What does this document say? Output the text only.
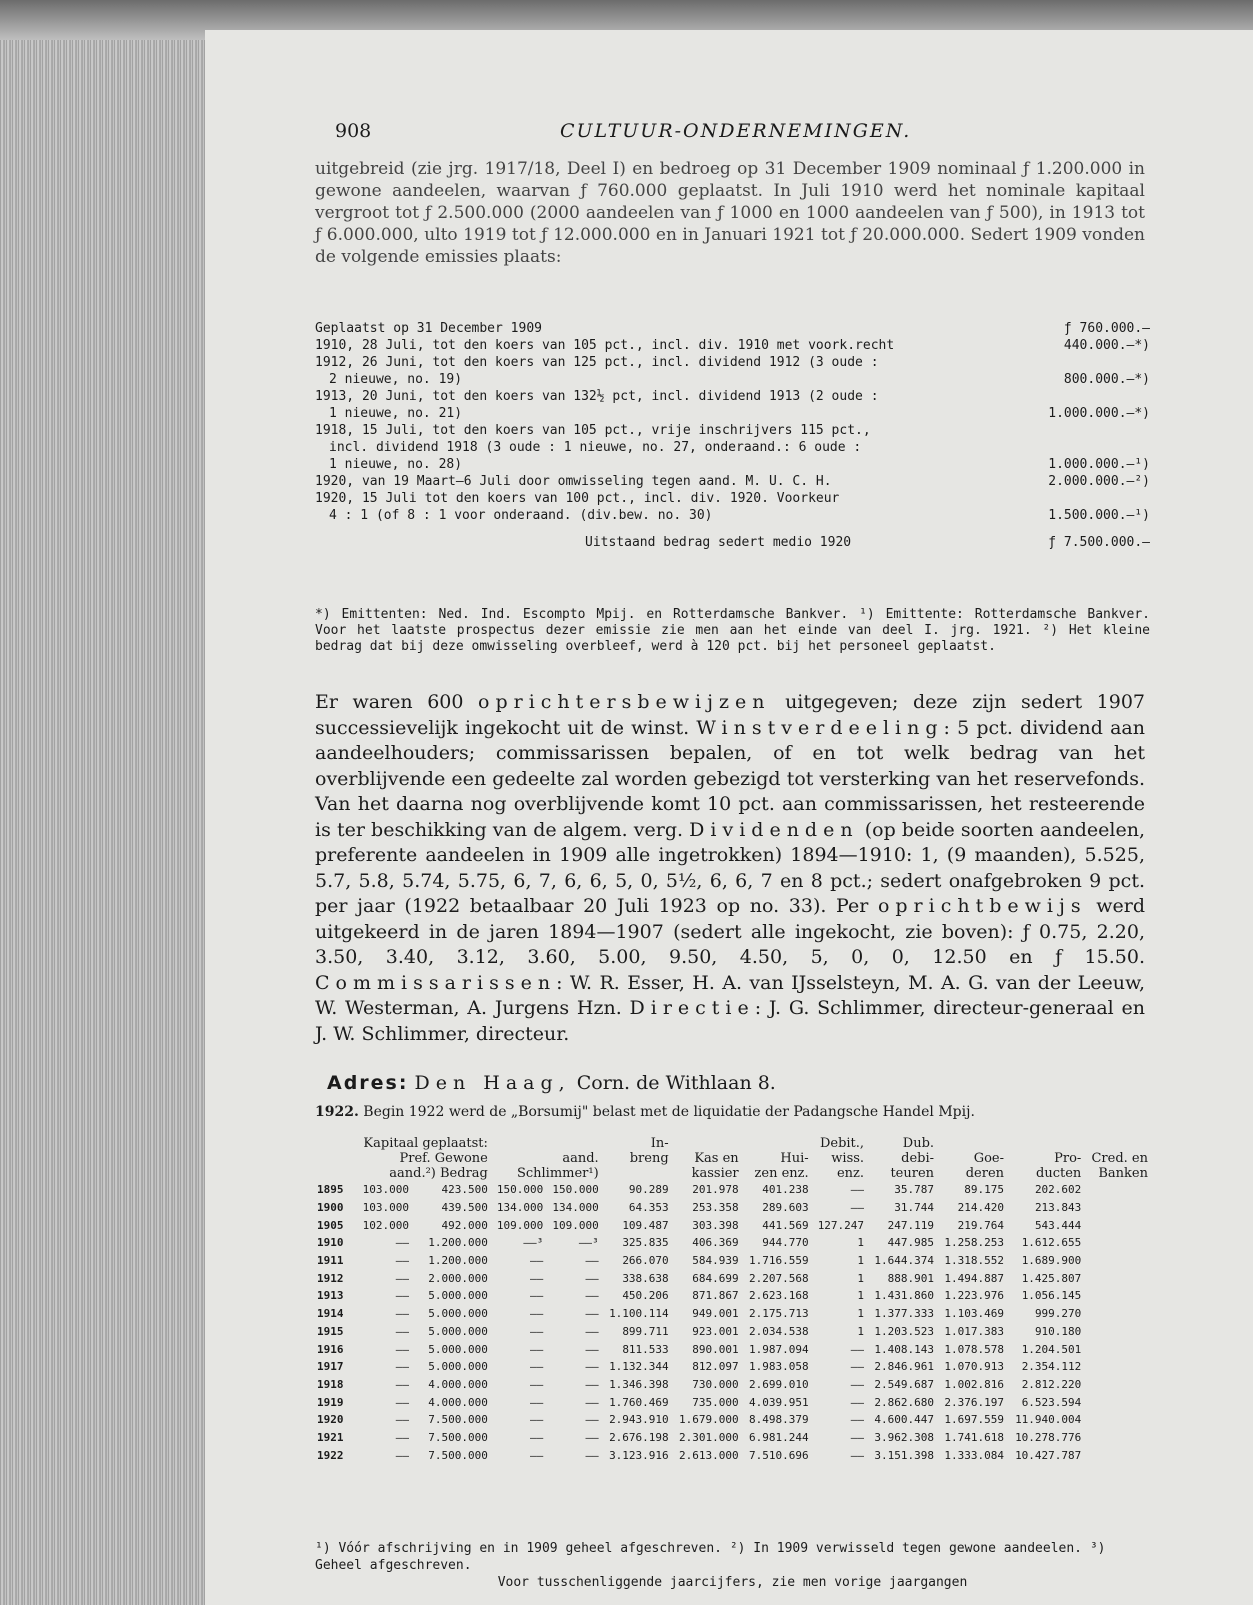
908	CULTUUR-ONDERNEMINGEN.

uitgebreid (zie jrg. 1917/18, Deel I) en bedroeg op 31 December 1909 nominaal ƒ 1.200.000 in gewone aandeelen, waarvan ƒ 760.000 geplaatst. In Juli 1910 werd het nominale kapitaal vergroot tot ƒ 2.500.000 (2000 aandeelen van ƒ 1000 en 1000 aandeelen van ƒ 500), in 1913 tot ƒ 6.000.000, ulto 1919 tot ƒ 12.000.000 en in Januari 1921 tot ƒ 20.000.000. Sedert 1909 vonden de volgende emissies plaats:

Geplaatst op 31 December 1909	ƒ 760.000.—
1910, 28 Juli, tot den koers van 105 pct., incl. div. 1910 met voork.recht	440.000.—*)
1912, 26 Juni, tot den koers van 125 pct., incl. dividend 1912 (3 oude :
2 nieuwe, no. 19)	800.000.—*)
1913, 20 Juni, tot den koers van 132½ pct, incl. dividend 1913 (2 oude :
1 nieuwe, no. 21)	1.000.000.—*)
1918, 15 Juli, tot den koers van 105 pct., vrije inschrijvers 115 pct.,
incl. dividend 1918 (3 oude : 1 nieuwe, no. 27, onderaand.: 6 oude :
1 nieuwe, no. 28)	1.000.000.—¹)
1920, van 19 Maart—6 Juli door omwisseling tegen aand. M. U. C. H.	2.000.000.—²)
1920, 15 Juli tot den koers van 100 pct., incl. div. 1920. Voorkeur
4 : 1 (of 8 : 1 voor onderaand. (div.bew. no. 30)	1.500.000.—¹)
Uitstaand bedrag sedert medio 1920	ƒ 7.500.000.—
*) Emittenten: Ned. Ind. Escompto Mpij. en Rotterdamsche Bankver. ¹) Emittente: Rotterdamsche Bankver. Voor het laatste prospectus dezer emissie zie men aan het einde van deel I. jrg. 1921. ²) Het kleine bedrag dat bij deze omwisseling overbleef, werd à 120 pct. bij het personeel geplaatst.

Er waren 600 oprichtersbewijzen uitgegeven; deze zijn sedert 1907 successievelijk ingekocht uit de winst. Winstverdeeling: 5 pct. dividend aan aandeelhouders; commissarissen bepalen, of en tot welk bedrag van het overblijvende een gedeelte zal worden gebezigd tot versterking van het reservefonds. Van het daarna nog overblijvende komt 10 pct. aan commissarissen, het resteerende is ter beschikking van de algem. verg. Dividenden (op beide soorten aandeelen, preferente aandeelen in 1909 alle ingetrokken) 1894—1910: 1, (9 maanden), 5.525, 5.7, 5.8, 5.74, 5.75, 6, 7, 6, 6, 5, 0, 5½, 6, 6, 7 en 8 pct.; sedert onafgebroken 9 pct. per jaar (1922 betaalbaar 20 Juli 1923 op no. 33). Per oprichtbewijs werd uitgekeerd in de jaren 1894—1907 (sedert alle ingekocht, zie boven): ƒ 0.75, 2.20, 3.50, 3.40, 3.12, 3.60, 5.00, 9.50, 4.50, 5, 0, 0, 12.50 en ƒ 15.50. Commissarissen: W. R. Esser, H. A. van IJsselsteyn, M. A. G. van der Leeuw, W. Westerman, A. Jurgens Hzn. Directie: J. G. Schlimmer, directeur-generaal en J. W. Schlimmer, directeur.

Adres: Den Haag, Corn. de Withlaan 8.
1922. Begin 1922 werd de „Borsumij" belast met de liquidatie der Padangsche Handel Mpij.
	Kapitaal geplaatst:				In-			Debit.,	Dub.			
	Pref. Gewone		aand.		breng	Kas en	Hui-	wiss.	debi-	Goe-	Pro-	Cred. en
	aand.²) Bedrag		Schlimmer¹)			kassier	zen enz.	enz.	teuren	deren	ducten	Banken
1895	103.000	423.500	150.000	150.000	90.289	201.978	401.238	——	35.787	89.175	202.602	
1900	103.000	439.500	134.000	134.000	64.353	253.358	289.603	——	31.744	214.420	213.843	
1905	102.000	492.000	109.000	109.000	109.487	303.398	441.569	127.247	247.119	219.764	543.444	
1910	——	1.200.000	——³	——³	325.835	406.369	944.770	1	447.985	1.258.253	1.612.655	
1911	——	1.200.000	——	——	266.070	584.939	1.716.559	1	1.644.374	1.318.552	1.689.900	
1912	——	2.000.000	——	——	338.638	684.699	2.207.568	1	888.901	1.494.887	1.425.807	
1913	——	5.000.000	——	——	450.206	871.867	2.623.168	1	1.431.860	1.223.976	1.056.145	
1914	——	5.000.000	——	——	1.100.114	949.001	2.175.713	1	1.377.333	1.103.469	999.270	
1915	——	5.000.000	——	——	899.711	923.001	2.034.538	1	1.203.523	1.017.383	910.180	
1916	——	5.000.000	——	——	811.533	890.001	1.987.094	——	1.408.143	1.078.578	1.204.501	
1917	——	5.000.000	——	——	1.132.344	812.097	1.983.058	——	2.846.961	1.070.913	2.354.112	
1918	——	4.000.000	——	——	1.346.398	730.000	2.699.010	——	2.549.687	1.002.816	2.812.220	
1919	——	4.000.000	——	——	1.760.469	735.000	4.039.951	——	2.862.680	2.376.197	6.523.594	
1920	——	7.500.000	——	——	2.943.910	1.679.000	8.498.379	——	4.600.447	1.697.559	11.940.004	
1921	——	7.500.000	——	——	2.676.198	2.301.000	6.981.244	——	3.962.308	1.741.618	10.278.776	
1922	——	7.500.000	——	——	3.123.916	2.613.000	7.510.696	——	3.151.398	1.333.084	10.427.787	
¹) Vóór afschrijving en in 1909 geheel afgeschreven. ²) In 1909 verwisseld tegen gewone aandeelen. ³) Geheel afgeschreven.
Voor tusschenliggende jaarcijfers, zie men vorige jaargangen
